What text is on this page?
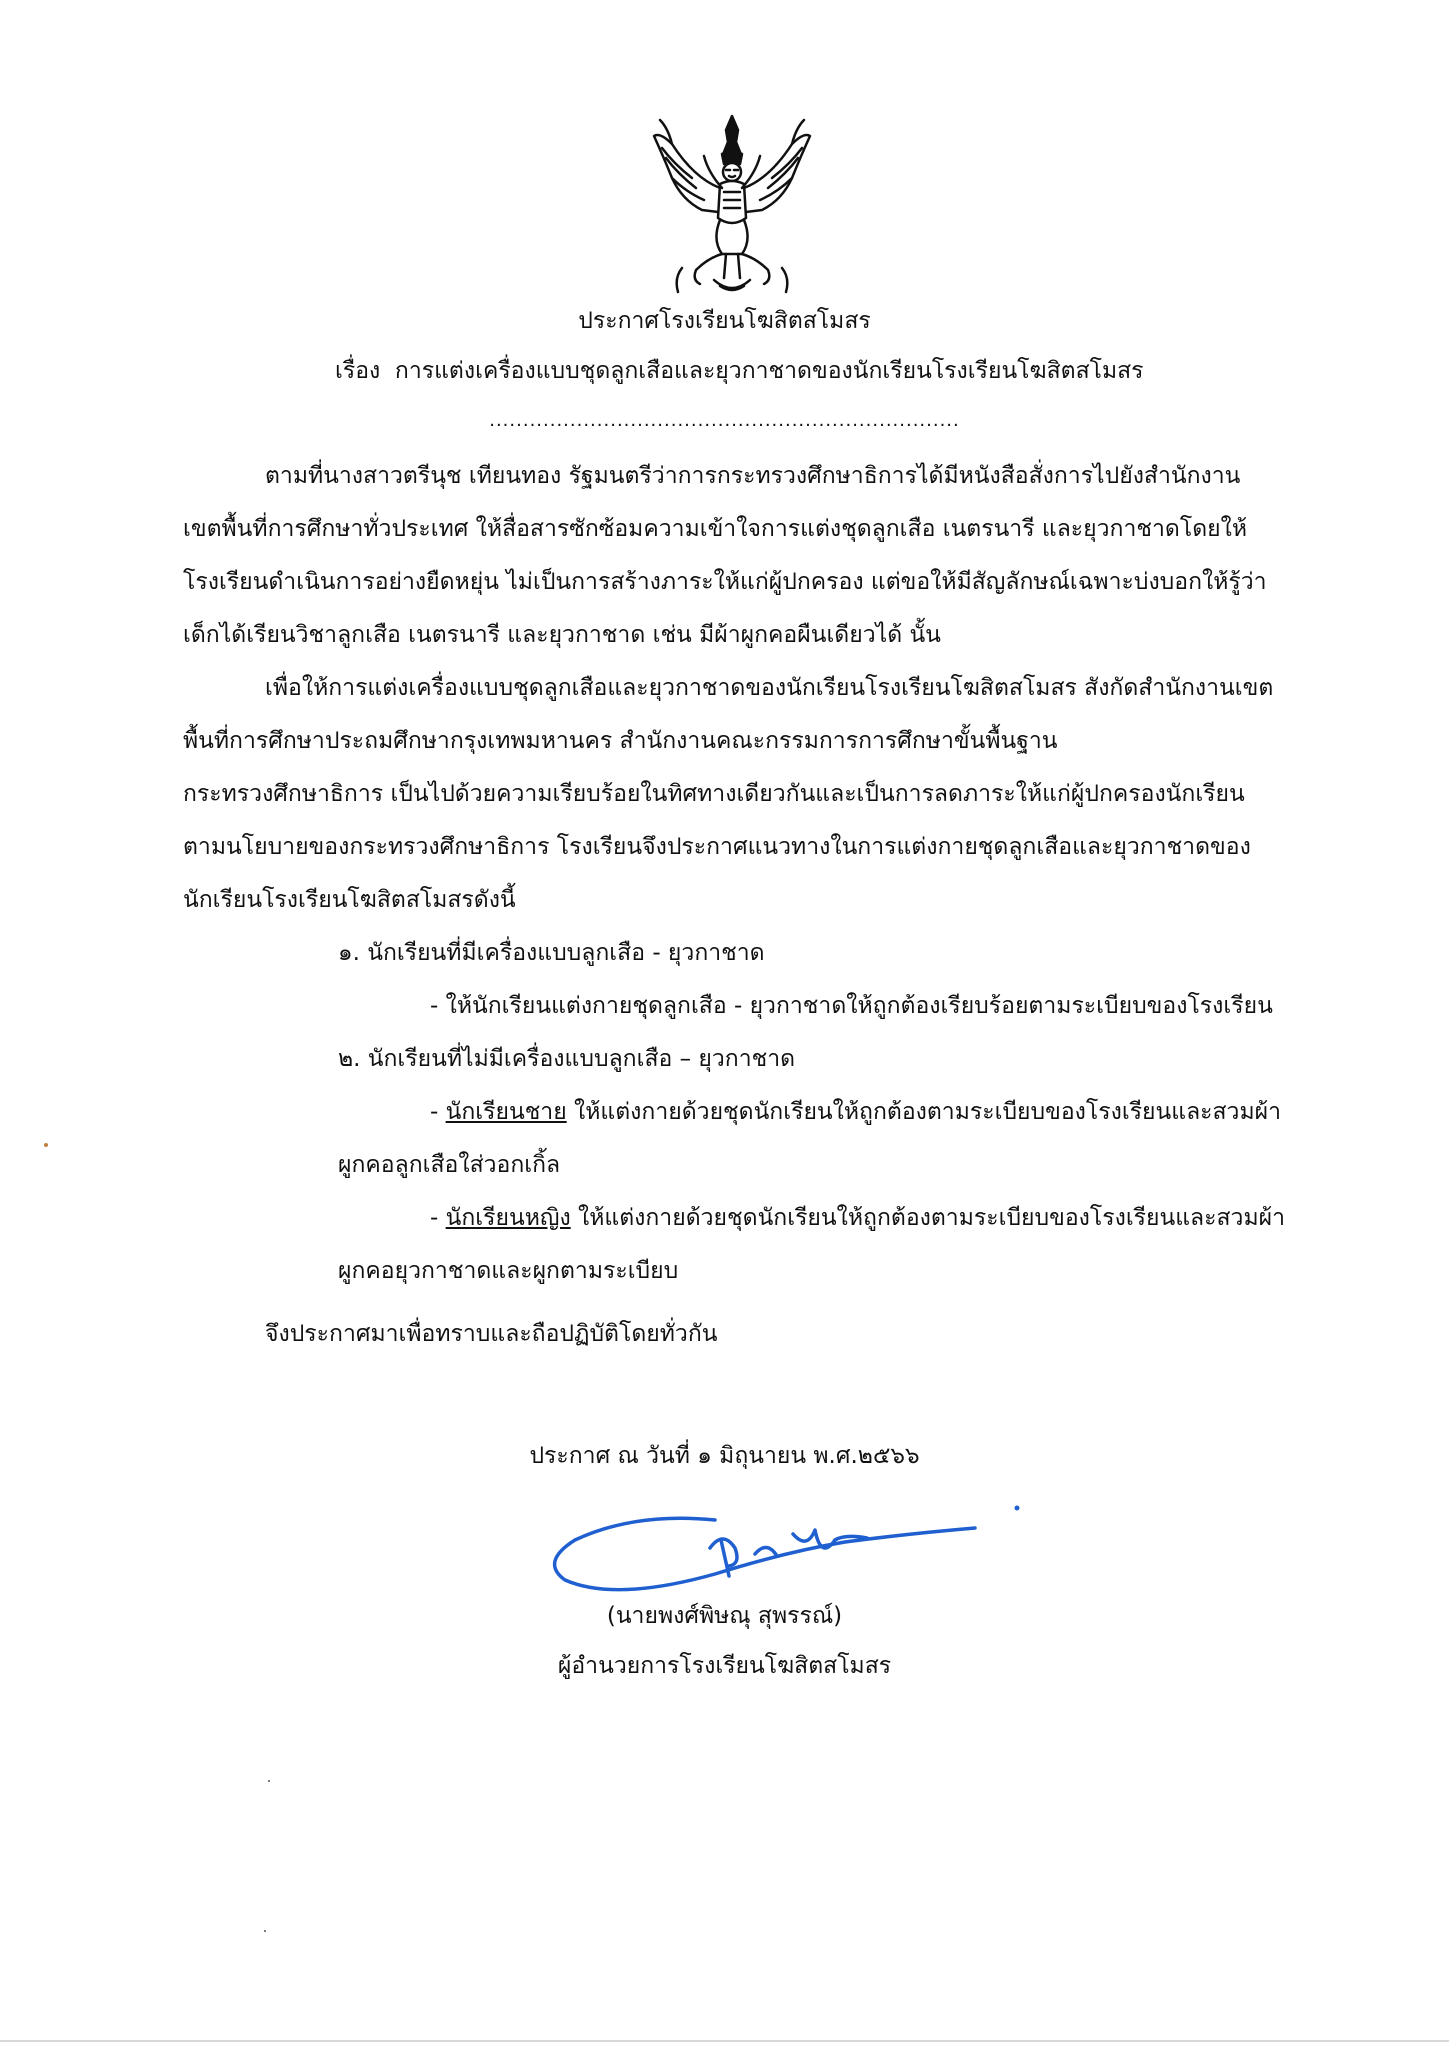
ประกาศโรงเรียนโฆสิตสโมสร
เรื่อง การแต่งเครื่องแบบชุดลูกเสือและยุวกาชาดของนักเรียนโรงเรียนโฆสิตสโมสร
......................................................................
ตามที่นางสาวตรีนุช เทียนทอง รัฐมนตรีว่าการกระทรวงศึกษาธิการได้มีหนังสือสั่งการไปยังสำนักงาน
เขตพื้นที่การศึกษาทั่วประเทศ ให้สื่อสารซักซ้อมความเข้าใจการแต่งชุดลูกเสือ เนตรนารี และยุวกาชาดโดยให้
โรงเรียนดำเนินการอย่างยืดหยุ่น ไม่เป็นการสร้างภาระให้แก่ผู้ปกครอง แต่ขอให้มีสัญลักษณ์เฉพาะบ่งบอกให้รู้ว่า
เด็กได้เรียนวิชาลูกเสือ เนตรนารี และยุวกาชาด เช่น มีผ้าผูกคอผืนเดียวได้ นั้น
เพื่อให้การแต่งเครื่องแบบชุดลูกเสือและยุวกาชาดของนักเรียนโรงเรียนโฆสิตสโมสร สังกัดสำนักงานเขต
พื้นที่การศึกษาประถมศึกษากรุงเทพมหานคร สำนักงานคณะกรรมการการศึกษาขั้นพื้นฐาน
กระทรวงศึกษาธิการ เป็นไปด้วยความเรียบร้อยในทิศทางเดียวกันและเป็นการลดภาระให้แก่ผู้ปกครองนักเรียน
ตามนโยบายของกระทรวงศึกษาธิการ โรงเรียนจึงประกาศแนวทางในการแต่งกายชุดลูกเสือและยุวกาชาดของ
นักเรียนโรงเรียนโฆสิตสโมสรดังนี้
๑. นักเรียนที่มีเครื่องแบบลูกเสือ - ยุวกาชาด
- ให้นักเรียนแต่งกายชุดลูกเสือ - ยุวกาชาดให้ถูกต้องเรียบร้อยตามระเบียบของโรงเรียน
๒. นักเรียนที่ไม่มีเครื่องแบบลูกเสือ – ยุวกาชาด
- นักเรียนชาย ให้แต่งกายด้วยชุดนักเรียนให้ถูกต้องตามระเบียบของโรงเรียนและสวมผ้า
ผูกคอลูกเสือใส่วอกเกิ้ล
- นักเรียนหญิง ให้แต่งกายด้วยชุดนักเรียนให้ถูกต้องตามระเบียบของโรงเรียนและสวมผ้า
ผูกคอยุวกาชาดและผูกตามระเบียบ
จึงประกาศมาเพื่อทราบและถือปฏิบัติโดยทั่วกัน
ประกาศ ณ วันที่ ๑ มิถุนายน พ.ศ.๒๕๖๖
(นายพงศ์พิษณุ สุพรรณ์)
ผู้อำนวยการโรงเรียนโฆสิตสโมสร
